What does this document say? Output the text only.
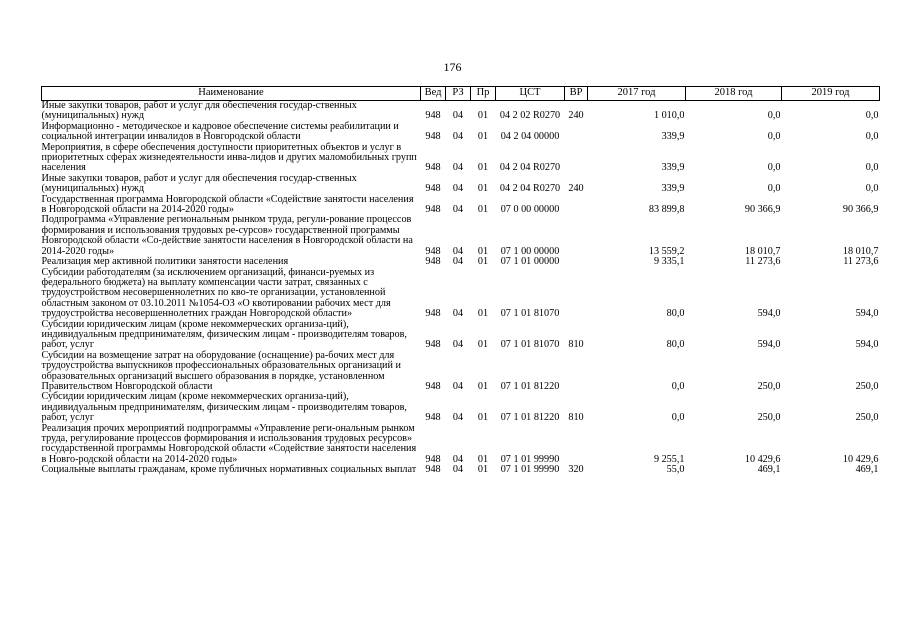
176
Наименование	Вед	РЗ	Пр	ЦСТ	ВР	2017 год	2018 год	2019 год
Иные закупки товаров, работ и услуг для обеспечения государ-ственных (муниципальных) нужд	948	04	01	04 2 02 R0270	240	1 010,0	0,0	0,0
Информационно - методическое и кадровое обеспечение системы реабилитации и социальной интеграции инвалидов в Новгородской области	948	04	01	04 2 04 00000		339,9	0,0	0,0
Мероприятия, в сфере обеспечения доступности приоритетных объектов и услуг в приоритетных сферах жизнедеятельности инва-лидов и других маломобильных групп населения	948	04	01	04 2 04 R0270		339,9	0,0	0,0
Иные закупки товаров, работ и услуг для обеспечения государ-ственных (муниципальных) нужд	948	04	01	04 2 04 R0270	240	339,9	0,0	0,0
Государственная программа Новгородской области «Содействие занятости населения в Новгородской области на 2014-2020 годы»	948	04	01	07 0 00 00000		83 899,8	90 366,9	90 366,9
Подпрограмма «Управление региональным рынком труда, регули-рование процессов формирования и использования трудовых ре-сурсов» государственной программы Новгородской области «Со-действие занятости населения в Новгородской области на 2014-2020 годы»	948	04	01	07 1 00 00000		13 559,2	18 010,7	18 010,7
Реализация мер активной политики занятости населения	948	04	01	07 1 01 00000		9 335,1	11 273,6	11 273,6
Субсидии работодателям (за исключением организаций, финанси-руемых из федерального бюджета) на выплату компенсации части затрат, связанных с трудоустройством несовершеннолетних по кво-те организации, установленной областным законом от 03.10.2011 №1054-ОЗ «О квотировании рабочих мест для трудоустройства несовершеннолетних граждан Новгородской области»	948	04	01	07 1 01 81070		80,0	594,0	594,0
Субсидии юридическим лицам (кроме некоммерческих организа-ций), индивидуальным предпринимателям, физическим лицам - производителям товаров, работ, услуг	948	04	01	07 1 01 81070	810	80,0	594,0	594,0
Субсидии на возмещение затрат на оборудование (оснащение) ра-бочих мест для трудоустройства выпускников профессиональных образовательных организаций и образовательных организаций высшего образования в порядке, установленном Правительством Новгородской области	948	04	01	07 1 01 81220		0,0	250,0	250,0
Субсидии юридическим лицам (кроме некоммерческих организа-ций), индивидуальным предпринимателям, физическим лицам - производителям товаров, работ, услуг	948	04	01	07 1 01 81220	810	0,0	250,0	250,0
Реализация прочих мероприятий подпрограммы «Управление реги-ональным рынком труда, регулирование процессов формирования и использования трудовых ресурсов» государственной программы Новгородской области «Содействие занятости населения в Новго-родской области на 2014-2020 годы»	948	04	01	07 1 01 99990		9 255,1	10 429,6	10 429,6
Социальные выплаты гражданам, кроме публичных нормативных социальных выплат	948	04	01	07 1 01 99990	320	55,0	469,1	469,1
